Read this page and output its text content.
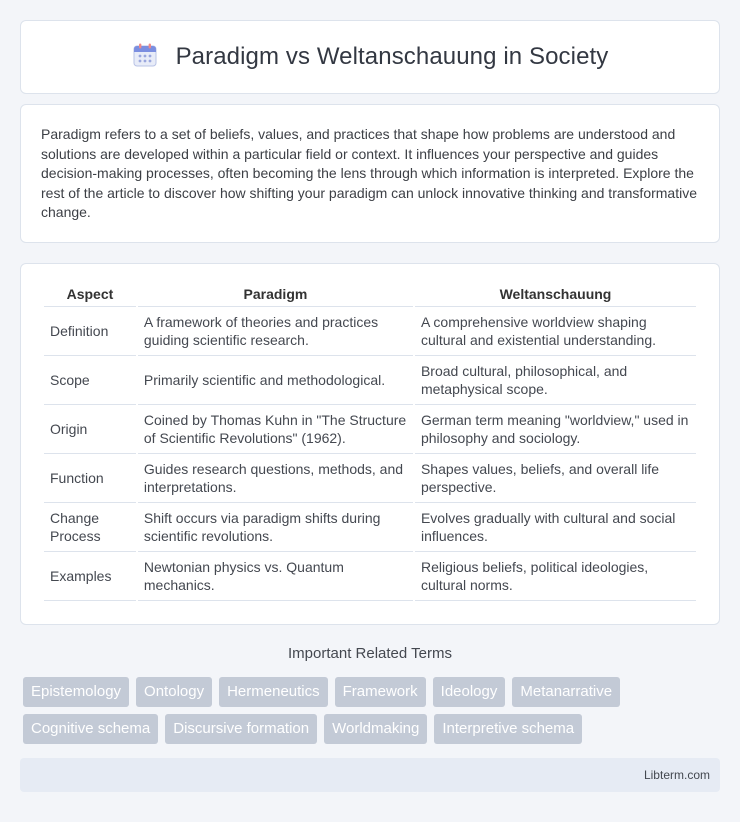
Paradigm vs Weltanschauung in Society

Paradigm refers to a set of beliefs, values, and practices that shape how problems are understood and solutions are developed within a particular field or context. It influences your perspective and guides decision-making processes, often becoming the lens through which information is interpreted. Explore the rest of the article to discover how shifting your paradigm can unlock innovative thinking and transformative change.

Aspect	Paradigm	Weltanschauung
Definition	A framework of theories and practices guiding scientific research.	A comprehensive worldview shaping cultural and existential understanding.
Scope	Primarily scientific and methodological.	Broad cultural, philosophical, and metaphysical scope.
Origin	Coined by Thomas Kuhn in "The Structure of Scientific Revolutions" (1962).	German term meaning "worldview," used in philosophy and sociology.
Function	Guides research questions, methods, and interpretations.	Shapes values, beliefs, and overall life perspective.
Change Process	Shift occurs via paradigm shifts during scientific revolutions.	Evolves gradually with cultural and social influences.
Examples	Newtonian physics vs. Quantum mechanics.	Religious beliefs, political ideologies, cultural norms.
Important Related Terms
Epistemology	Ontology	Hermeneutics	Framework	Ideology	Metanarrative
Cognitive schema	Discursive formation	Worldmaking	Interpretive schema
Libterm.com
